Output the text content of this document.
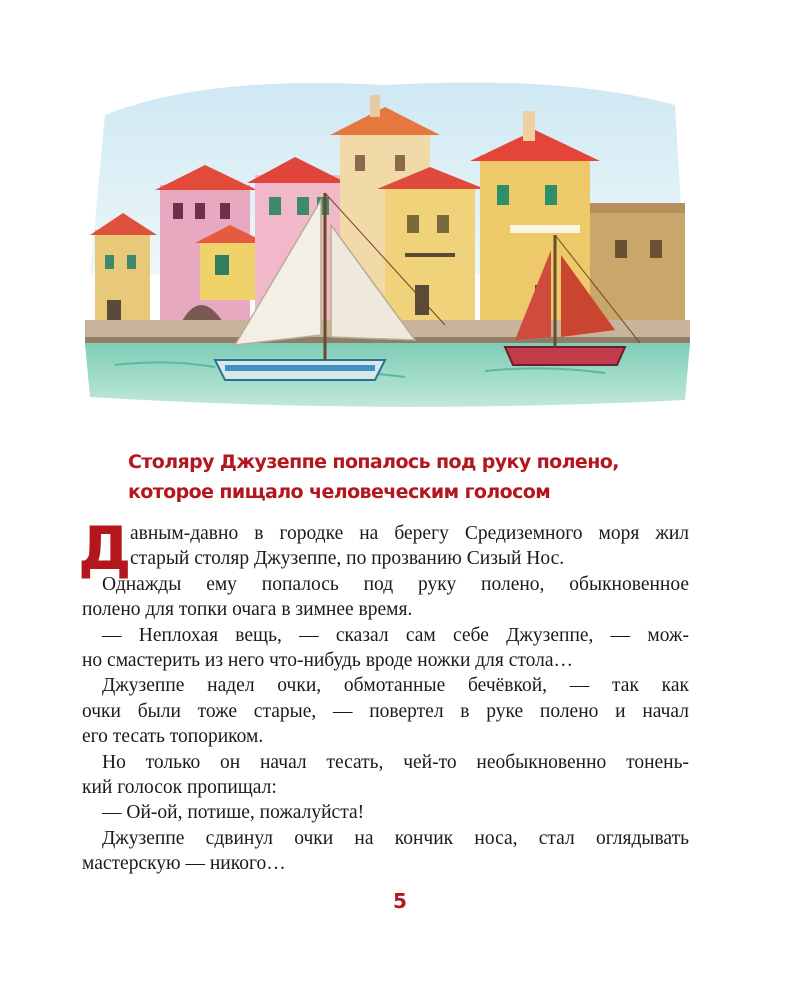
Столяру Джузеппе попалось под руку полено,
которое пищало человеческим голосом
Д
авным-давно в городке на берегу Средиземного моря жил
старый столяр Джузеппе, по прозванию Сизый Нос.
Однажды ему попалось под руку полено, обыкновенное
полено для топки очага в зимнее время.
— Неплохая вещь, — сказал сам себе Джузеппе, — мож-
но смастерить из него что-нибудь вроде ножки для стола…
Джузеппе надел очки, обмотанные бечёвкой, — так как
очки были тоже старые, — повертел в руке полено и начал
его тесать топориком.
Но только он начал тесать, чей-то необыкновенно тонень-
кий голосок пропищал:
— Ой-ой, потише, пожалуйста!
Джузеппе сдвинул очки на кончик носа, стал оглядывать
мастерскую — никого…
5
